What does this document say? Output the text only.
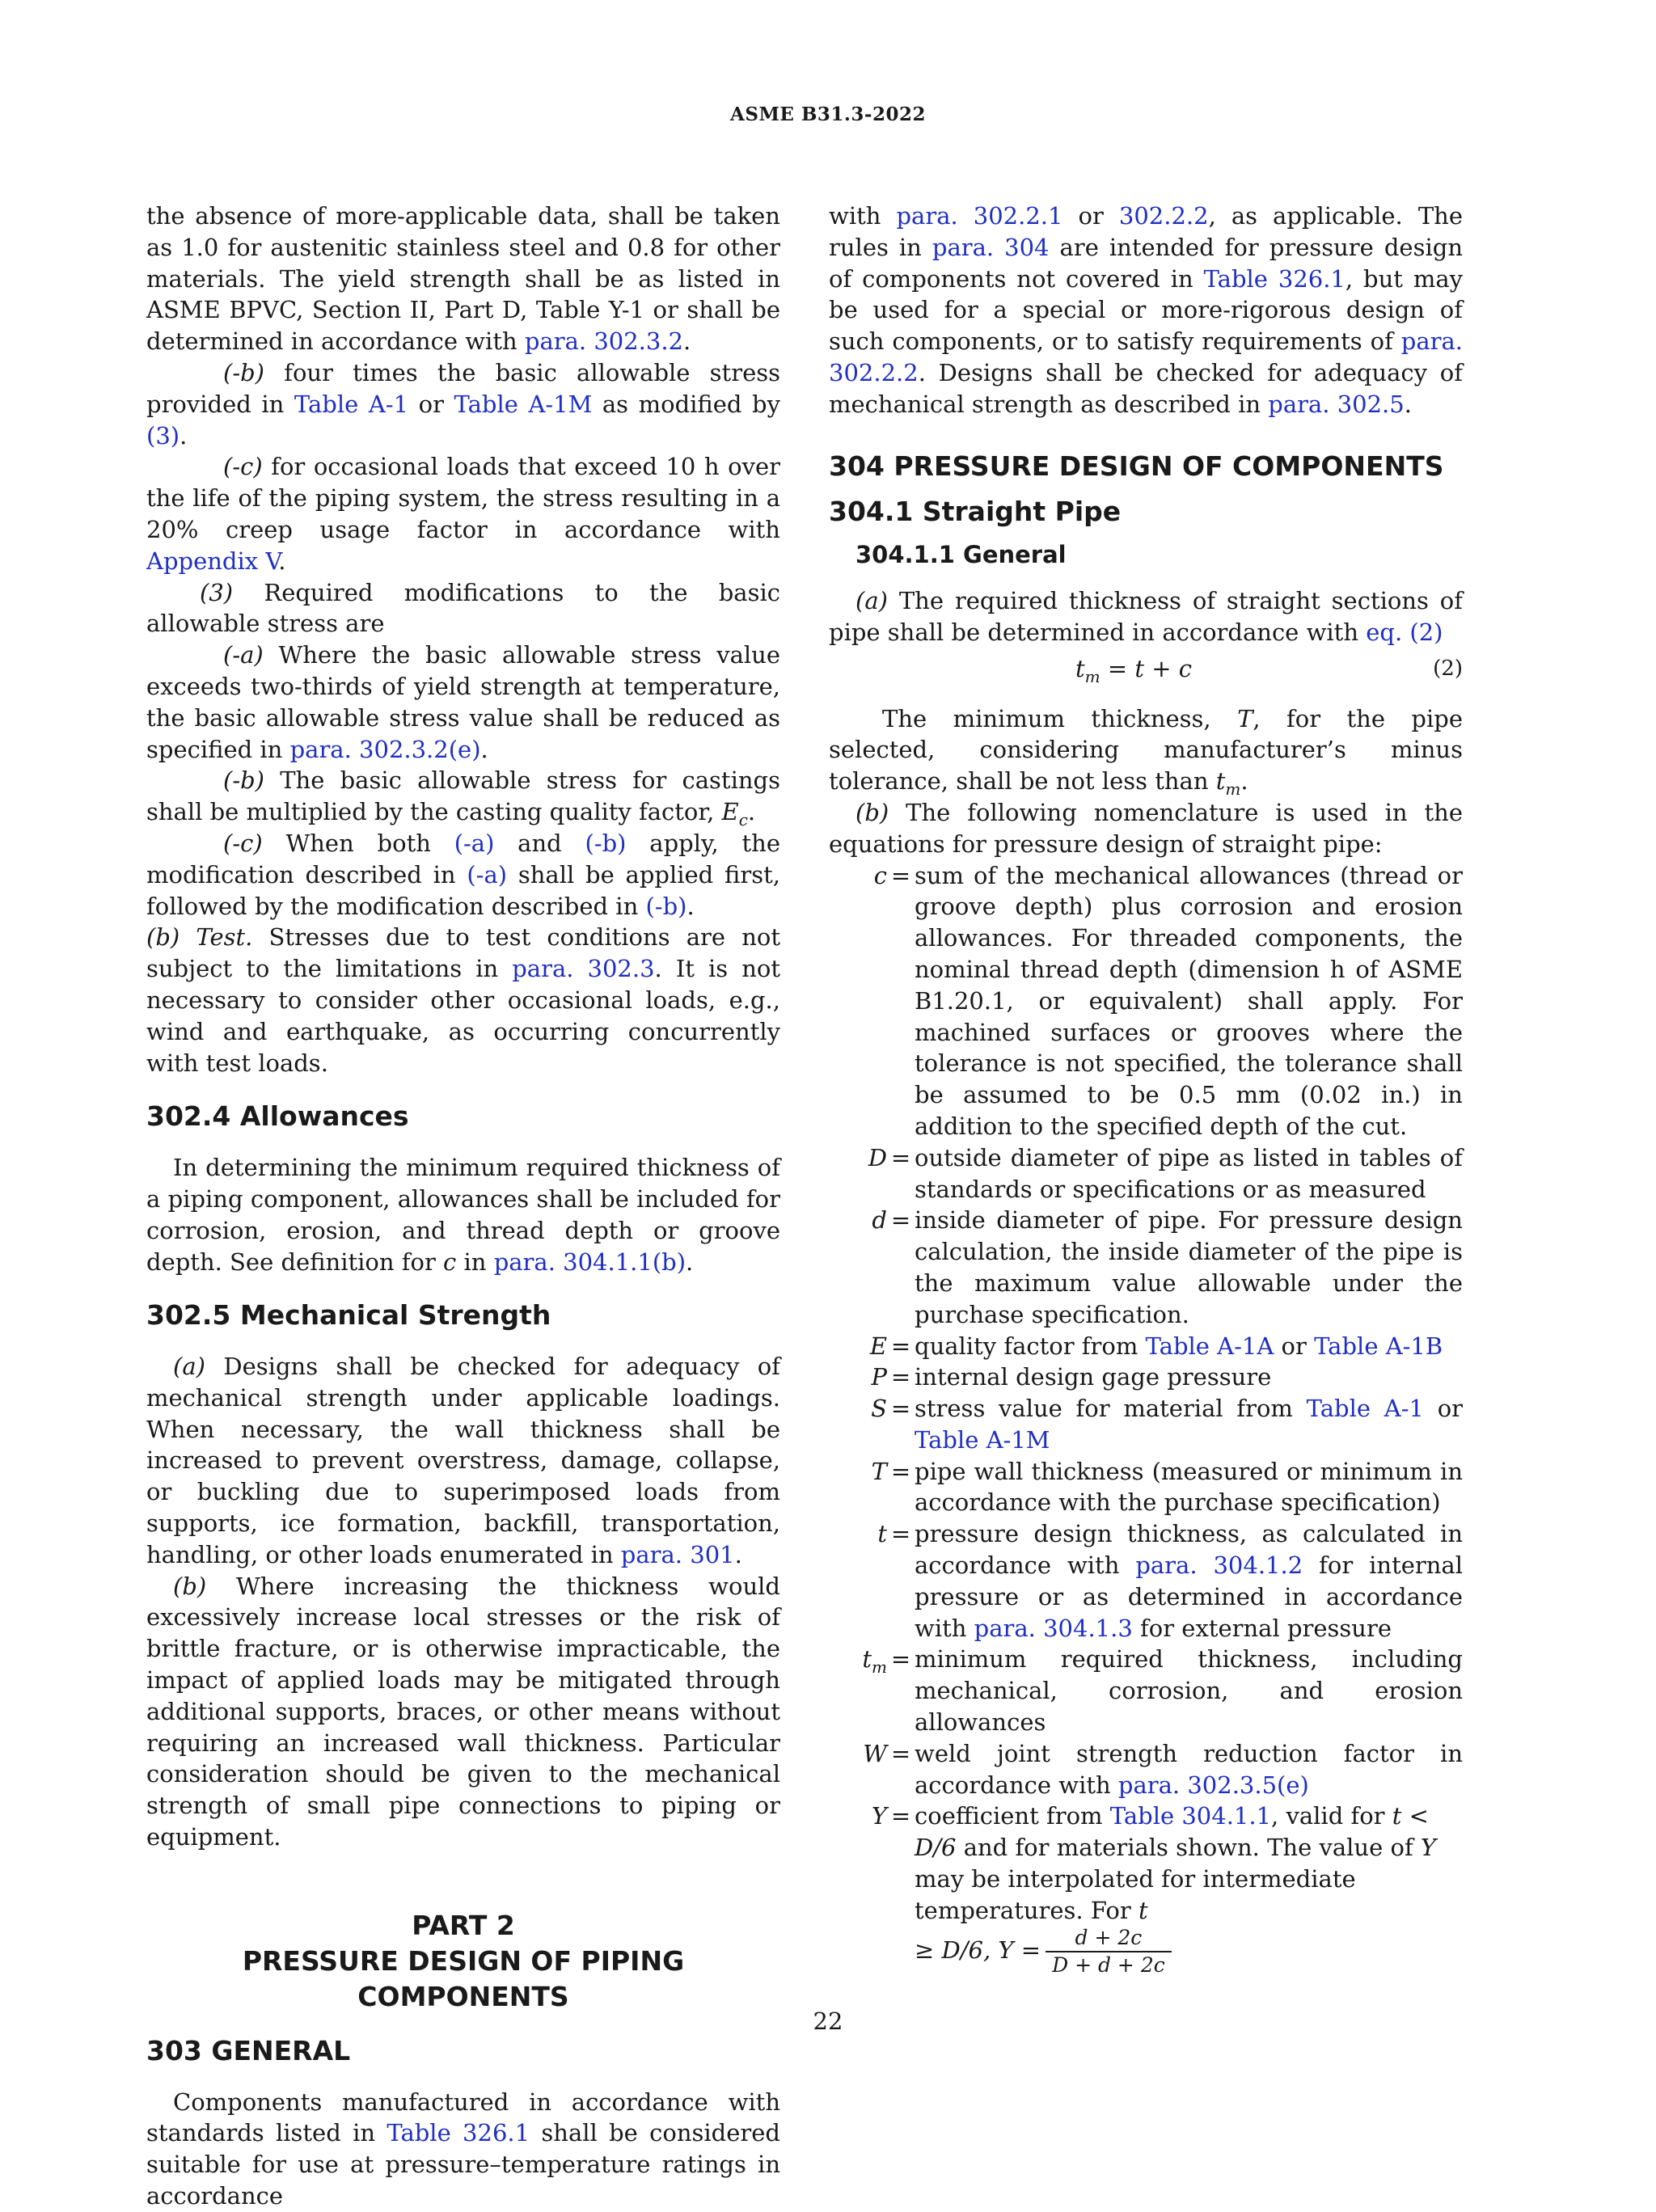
ASME B31.3-2022

the absence of more-applicable data, shall be taken as 1.0 for austenitic stainless steel and 0.8 for other materials. The yield strength shall be as listed in ASME BPVC, Section II, Part D, Table Y-1 or shall be determined in accordance with para. 302.3.2.

(-b) four times the basic allowable stress provided in Table A-1 or Table A-1M as modified by (3).

(-c) for occasional loads that exceed 10 h over the life of the piping system, the stress resulting in a 20% creep usage factor in accordance with Appendix V.

(3) Required modifications to the basic allowable stress are

(-a) Where the basic allowable stress value exceeds two-thirds of yield strength at temperature, the basic allowable stress value shall be reduced as specified in para. 302.3.2(e).

(-b) The basic allowable stress for castings shall be multiplied by the casting quality factor, $E_c$.

(-c) When both (-a) and (-b) apply, the modification described in (-a) shall be applied first, followed by the modification described in (-b).

(b) Test. Stresses due to test conditions are not subject to the limitations in para. 302.3. It is not necessary to consider other occasional loads, e.g., wind and earthquake, as occurring concurrently with test loads.

302.4 Allowances

In determining the minimum required thickness of a piping component, allowances shall be included for corrosion, erosion, and thread depth or groove depth. See definition for c in para. 304.1.1(b).

302.5 Mechanical Strength

(a) Designs shall be checked for adequacy of mechanical strength under applicable loadings. When necessary, the wall thickness shall be increased to prevent overstress, damage, collapse, or buckling due to superimposed loads from supports, ice formation, backfill, transportation, handling, or other loads enumerated in para. 301.

(b) Where increasing the thickness would excessively increase local stresses or the risk of brittle fracture, or is otherwise impracticable, the impact of applied loads may be mitigated through additional supports, braces, or other means without requiring an increased wall thickness. Particular consideration should be given to the mechanical strength of small pipe connections to piping or equipment.

PART 2
PRESSURE DESIGN OF PIPING COMPONENTS
303 GENERAL

Components manufactured in accordance with standards listed in Table 326.1 shall be considered suitable for use at pressure–temperature ratings in accordance

with para. 302.2.1 or 302.2.2, as applicable. The rules in para. 304 are intended for pressure design of components not covered in Table 326.1, but may be used for a special or more-rigorous design of such components, or to satisfy requirements of para. 302.2.2. Designs shall be checked for adequacy of mechanical strength as described in para. 302.5.

304 PRESSURE DESIGN OF COMPONENTS
304.1 Straight Pipe
304.1.1 General

(a) The required thickness of straight sections of pipe shall be determined in accordance with eq. (2)

$t_m = t + c$	(2)

The minimum thickness, T, for the pipe selected, considering manufacturer’s minus tolerance, shall be not less than $t_m$.

(b) The following nomenclature is used in the equations for pressure design of straight pipe:

c = sum of the mechanical allowances (thread or groove depth) plus corrosion and erosion allowances. For threaded components, the nominal thread depth (dimension h of ASME B1.20.1, or equivalent) shall apply. For machined surfaces or grooves where the tolerance is not specified, the tolerance shall be assumed to be 0.5 mm (0.02 in.) in addition to the specified depth of the cut.
D = outside diameter of pipe as listed in tables of standards or specifications or as measured
d = inside diameter of pipe. For pressure design calculation, the inside diameter of the pipe is the maximum value allowable under the purchase specification.
E = quality factor from Table A-1A or Table A-1B
P = internal design gage pressure
S = stress value for material from Table A-1 or Table A-1M
T = pipe wall thickness (measured or minimum in accordance with the purchase specification)
t = pressure design thickness, as calculated in accordance with para. 304.1.2 for internal pressure or as determined in accordance with para. 304.1.3 for external pressure
$t_m$ = minimum required thickness, including mechanical, corrosion, and erosion allowances
W = weld joint strength reduction factor in accordance with para. 302.3.5(e)
Y = coefficient from Table 304.1.1, valid for t < D/6 and for materials shown. The value of Y may be interpolated for intermediate temperatures. For t
≥ D/6, $Y = \frac{d + 2c}{D + d + 2c}$
22
